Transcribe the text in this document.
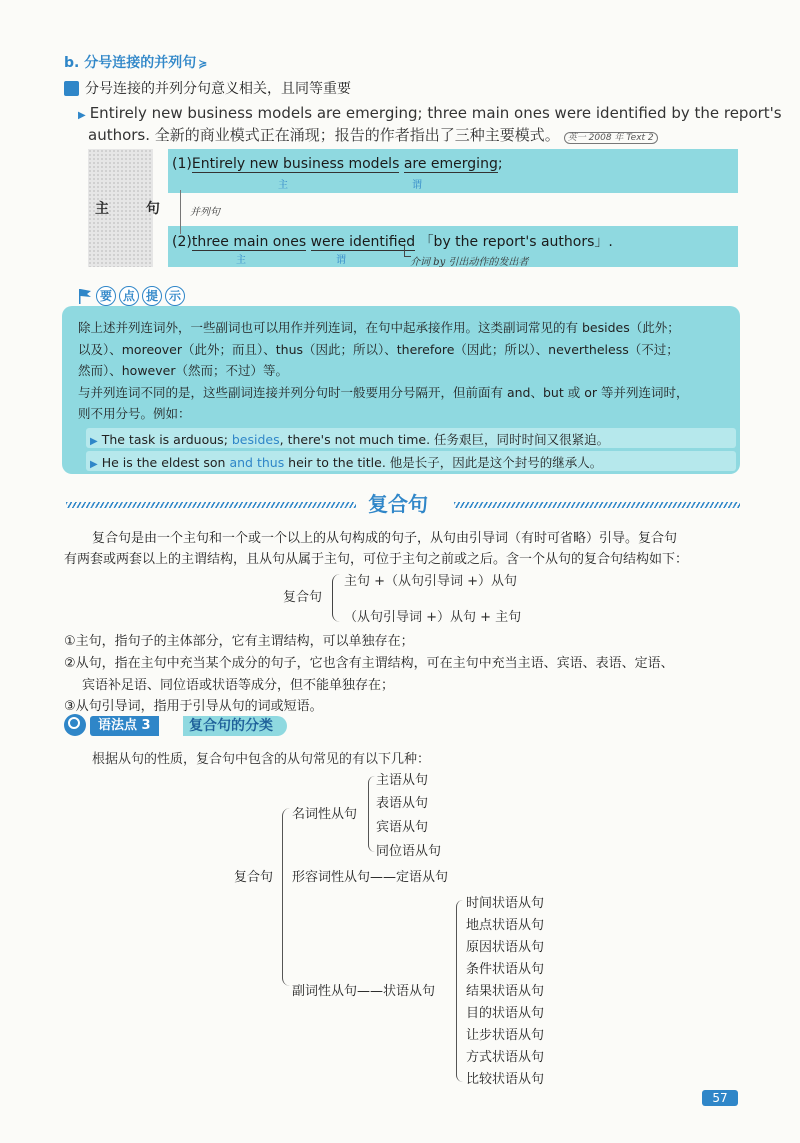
b. 分号连接的并列句 ≽
分号连接的并列分句意义相关，且同等重要
▶ Entirely new business models are emerging; three main ones were identified by the report's
authors. 全新的商业模式正在涌现；报告的作者指出了三种主要模式。 英一 2008 年 Text 2
主 句
(1)Entirely new business models are emerging;
主	谓
并列句
(2)three main ones were identified 「by the report's authors」.
主	谓	介词 by 引出动作的发出者
要 点 提 示
除上述并列连词外，一些副词也可以用作并列连词，在句中起承接作用。这类副词常见的有 besides（此外；
以及）、moreover（此外；而且）、thus（因此；所以）、therefore（因此；所以）、nevertheless（不过；
然而）、however（然而；不过）等。
与并列连词不同的是，这些副词连接并列分句时一般要用分号隔开，但前面有 and、but 或 or 等并列连词时，
则不用分号。例如：
▶ The task is arduous; besides, there's not much time. 任务艰巨，同时时间又很紧迫。
▶ He is the eldest son and thus heir to the title. 他是长子，因此是这个封号的继承人。
复合句
复合句是由一个主句和一个或一个以上的从句构成的句子，从句由引导词（有时可省略）引导。复合句
有两套或两套以上的主谓结构，且从句从属于主句，可位于主句之前或之后。含一个从句的复合句结构如下：
复合句
主句 +（从句引导词 +）从句
（从句引导词 +）从句 + 主句
①主句，指句子的主体部分，它有主谓结构，可以单独存在；
②从句，指在主句中充当某个成分的句子，它也含有主谓结构，可在主句中充当主语、宾语、表语、定语、
宾语补足语、同位语或状语等成分，但不能单独存在；
③从句引导词，指用于引导从句的词或短语。
语法点 3	复合句的分类
根据从句的性质，复合句中包含的从句常见的有以下几种：
复合句
名词性从句
主语从句
表语从句
宾语从句
同位语从句
形容词性从句——定语从句
副词性从句——状语从句
时间状语从句
地点状语从句
原因状语从句
条件状语从句
结果状语从句
目的状语从句
让步状语从句
方式状语从句
比较状语从句
57
